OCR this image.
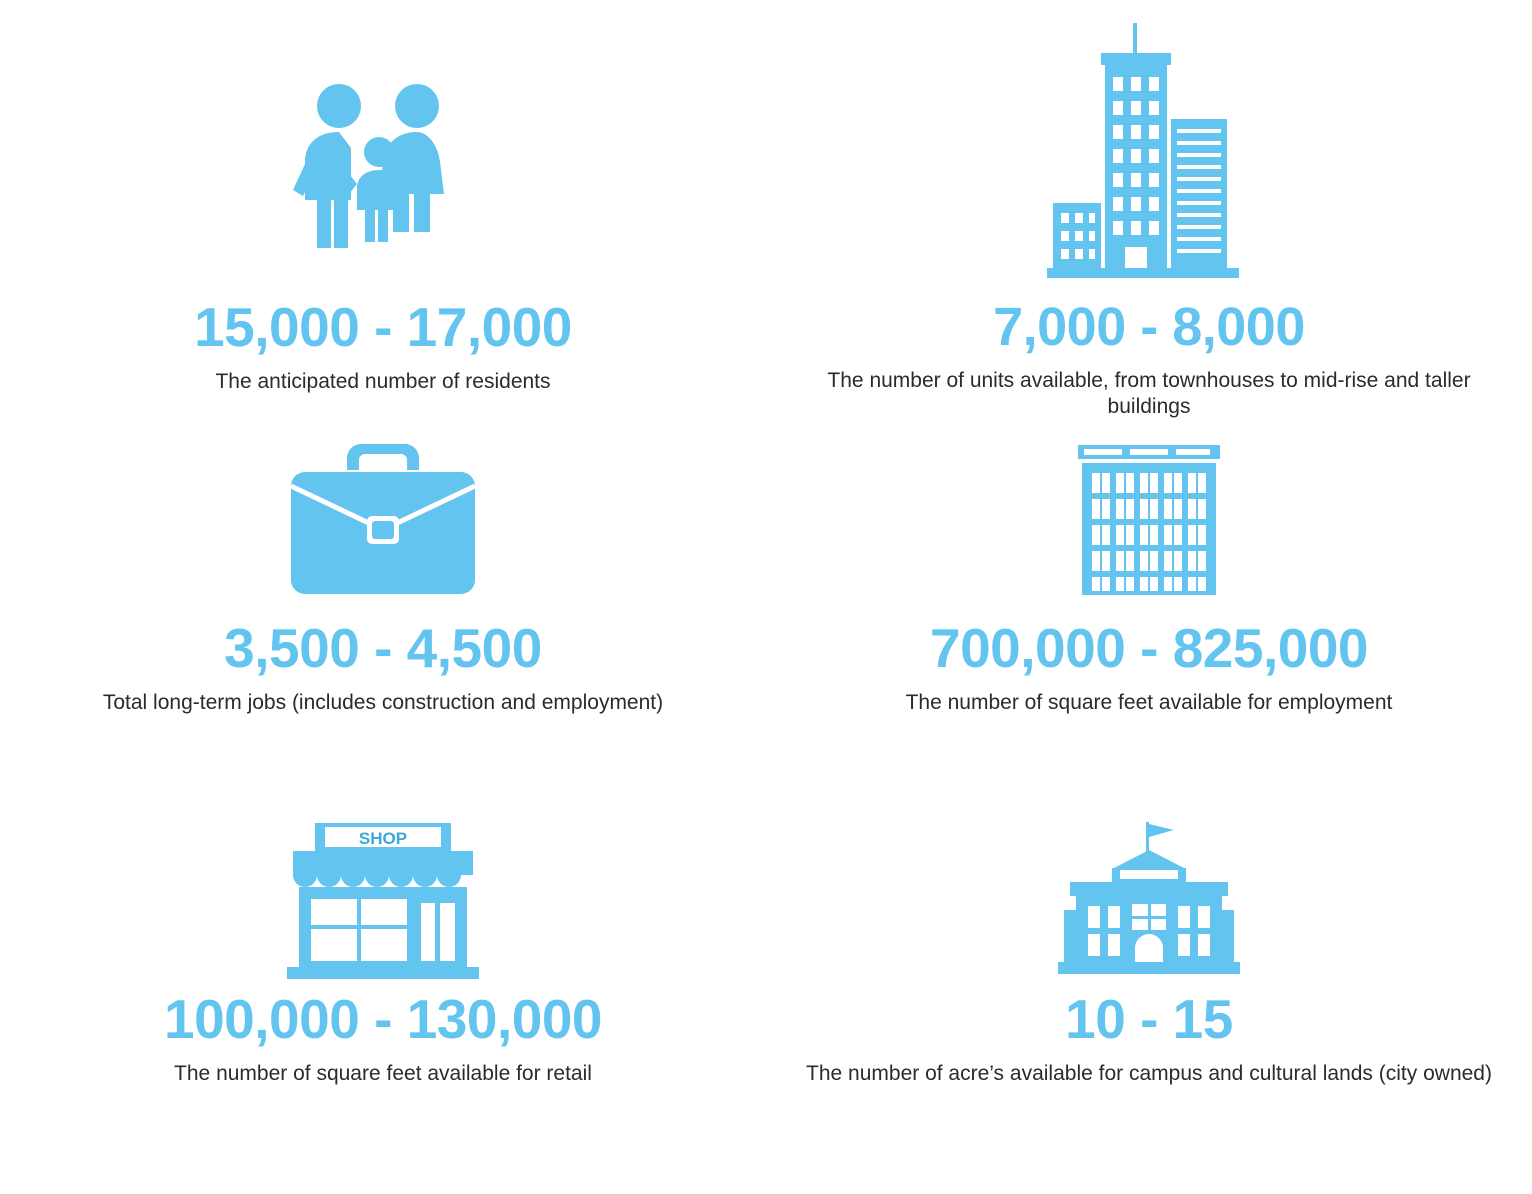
15,000 - 17,000
The anticipated number of residents
7,000 - 8,000
The number of units available, from townhouses to mid-rise and taller buildings
3,500 - 4,500
Total long-term jobs (includes construction and employment)
700,000 - 825,000
The number of square feet available for employment
SHOP
100,000 - 130,000
The number of square feet available for retail
10 - 15
The number of acre’s available for campus and cultural lands (city owned)
